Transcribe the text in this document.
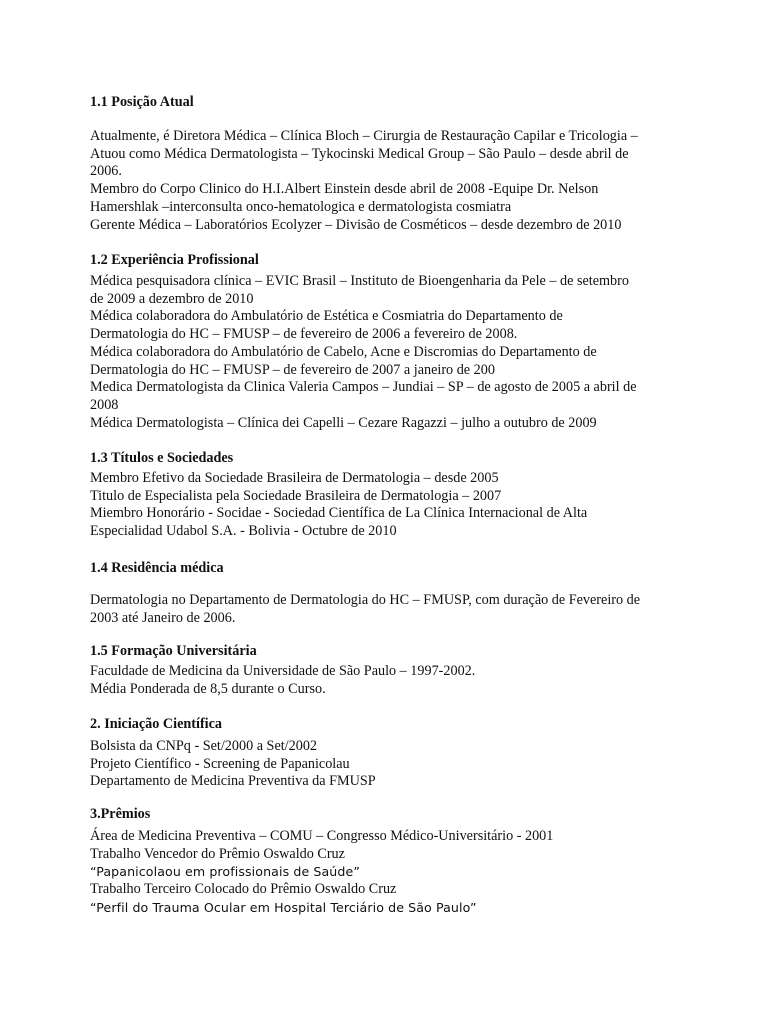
1.1 Posição Atual
Atualmente, é Diretora Médica – Clínica Bloch – Cirurgia de Restauração Capilar e Tricologia –
Atuou como Médica Dermatologista – Tykocinski Medical Group – São Paulo – desde abril de
2006.
Membro do Corpo Clinico do H.I.Albert Einstein desde abril de 2008 -Equipe Dr. Nelson
Hamershlak –interconsulta onco-hematologica e dermatologista cosmiatra
Gerente Médica – Laboratórios Ecolyzer – Divisão de Cosméticos – desde dezembro de 2010
1.2 Experiência Profissional
Médica pesquisadora clínica – EVIC Brasil – Instituto de Bioengenharia da Pele – de setembro
de 2009 a dezembro de 2010
Médica colaboradora do Ambulatório de Estética e Cosmiatria do Departamento de
Dermatologia do HC – FMUSP – de fevereiro de 2006 a fevereiro de 2008.
Médica colaboradora do Ambulatório de Cabelo, Acne e Discromias do Departamento de
Dermatologia do HC – FMUSP – de fevereiro de 2007 a janeiro de 200
Medica Dermatologista da Clinica Valeria Campos – Jundiai – SP – de agosto de 2005 a abril de
2008
Médica Dermatologista – Clínica dei Capelli – Cezare Ragazzi – julho a outubro de 2009
1.3 Títulos e Sociedades
Membro Efetivo da Sociedade Brasileira de Dermatologia – desde 2005
Titulo de Especialista pela Sociedade Brasileira de Dermatologia – 2007
Miembro Honorário - Socidae - Sociedad Científica de La Clínica Internacional de Alta
Especialidad Udabol S.A. - Bolivia - Octubre de 2010
1.4 Residência médica
Dermatologia no Departamento de Dermatologia do HC – FMUSP, com duração de Fevereiro de
2003 até Janeiro de 2006.
1.5 Formação Universitária
Faculdade de Medicina da Universidade de São Paulo – 1997-2002.
Média Ponderada de 8,5 durante o Curso.
2. Iniciação Científica
Bolsista da CNPq - Set/2000 a Set/2002
Projeto Científico - Screening de Papanicolau
Departamento de Medicina Preventiva da FMUSP
3.Prêmios
Área de Medicina Preventiva – COMU – Congresso Médico-Universitário - 2001
Trabalho Vencedor do Prêmio Oswaldo Cruz
“Papanicolaou em profissionais de Saúde”
Trabalho Terceiro Colocado do Prêmio Oswaldo Cruz
“Perfil do Trauma Ocular em Hospital Terciário de São Paulo”
